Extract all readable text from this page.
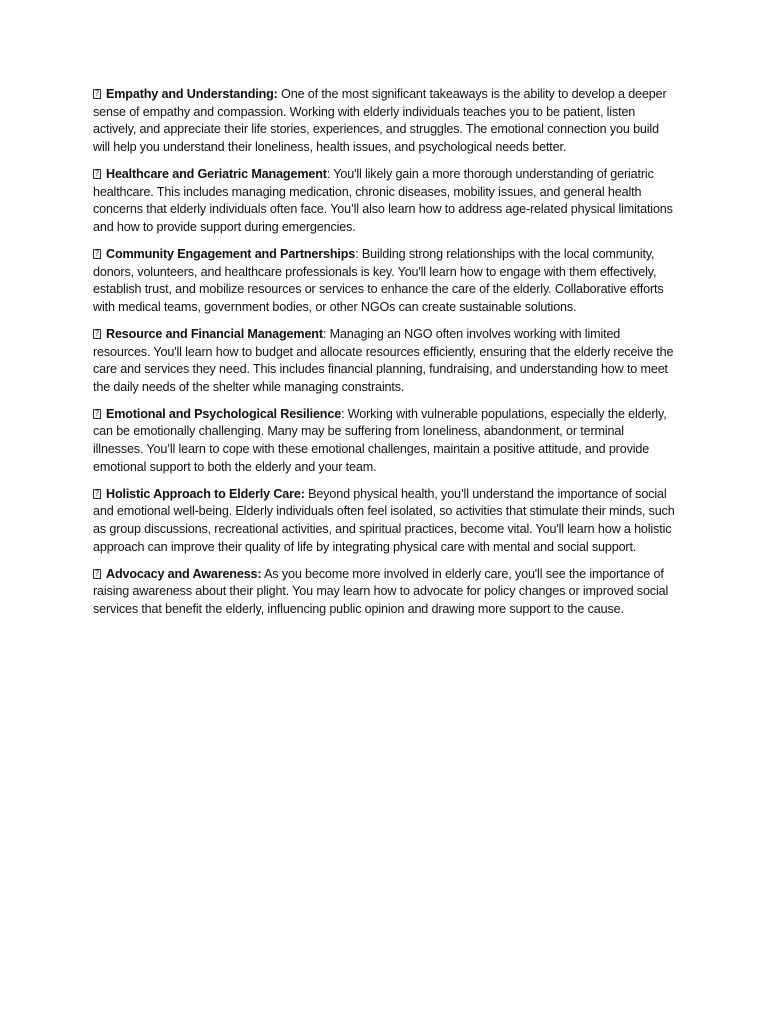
?Empathy and Understanding: One of the most significant takeaways is the ability to develop a deeper sense of empathy and compassion. Working with elderly individuals teaches you to be patient, listen actively, and appreciate their life stories, experiences, and struggles. The emotional connection you build will help you understand their loneliness, health issues, and psychological needs better.

?Healthcare and Geriatric Management: You'll likely gain a more thorough understanding of geriatric healthcare. This includes managing medication, chronic diseases, mobility issues, and general health concerns that elderly individuals often face. You’ll also learn how to address age-related physical limitations and how to provide support during emergencies.

?Community Engagement and Partnerships: Building strong relationships with the local community, donors, volunteers, and healthcare professionals is key. You'll learn how to engage with them effectively, establish trust, and mobilize resources or services to enhance the care of the elderly. Collaborative efforts with medical teams, government bodies, or other NGOs can create sustainable solutions.

?Resource and Financial Management: Managing an NGO often involves working with limited resources. You'll learn how to budget and allocate resources efficiently, ensuring that the elderly receive the care and services they need. This includes financial planning, fundraising, and understanding how to meet the daily needs of the shelter while managing constraints.

?Emotional and Psychological Resilience: Working with vulnerable populations, especially the elderly, can be emotionally challenging. Many may be suffering from loneliness, abandonment, or terminal illnesses. You’ll learn to cope with these emotional challenges, maintain a positive attitude, and provide emotional support to both the elderly and your team.

?Holistic Approach to Elderly Care: Beyond physical health, you’ll understand the importance of social and emotional well-being. Elderly individuals often feel isolated, so activities that stimulate their minds, such as group discussions, recreational activities, and spiritual practices, become vital. You'll learn how a holistic approach can improve their quality of life by integrating physical care with mental and social support.

?Advocacy and Awareness: As you become more involved in elderly care, you'll see the importance of raising awareness about their plight. You may learn how to advocate for policy changes or improved social services that benefit the elderly, influencing public opinion and drawing more support to the cause.
